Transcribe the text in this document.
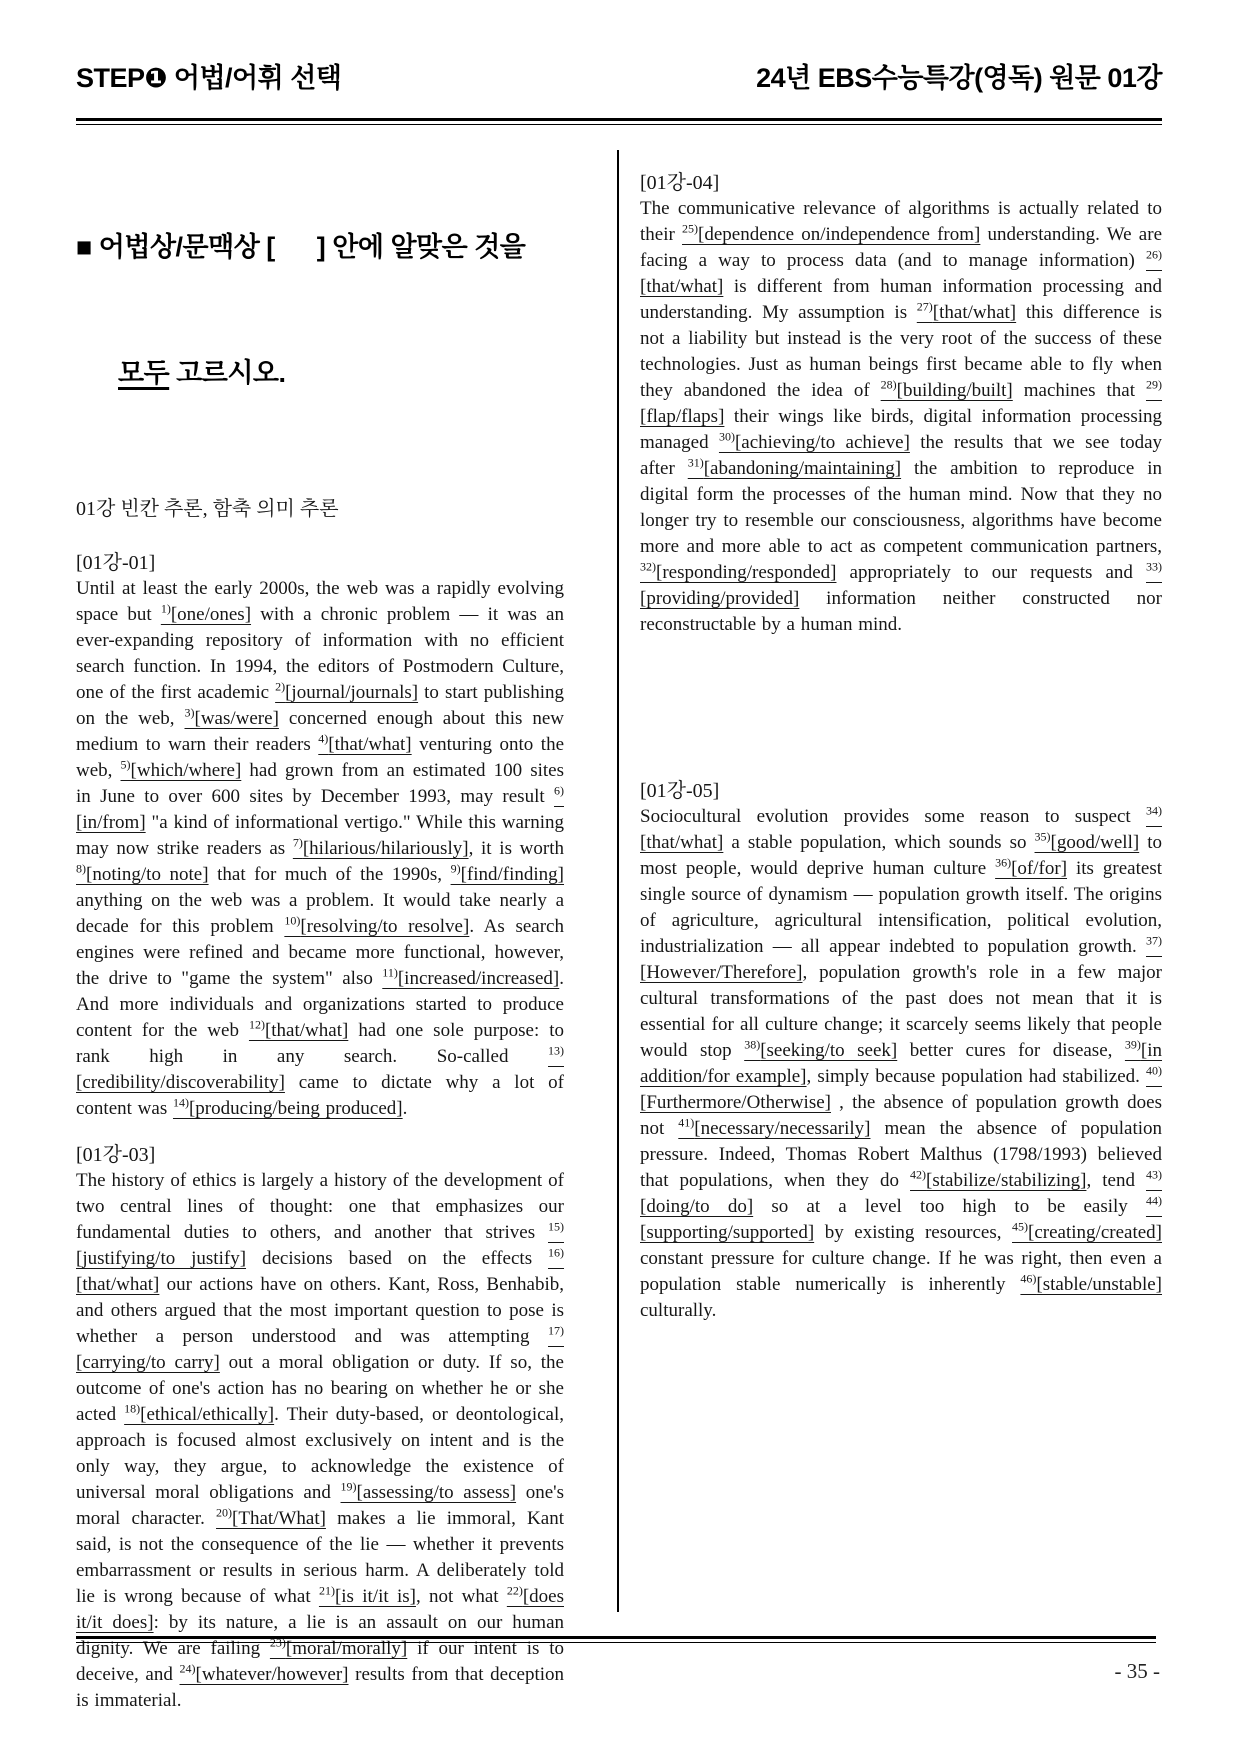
STEP❶ 어법/어휘 선택	24년 EBS수능특강(영독) 원문 01강

■ 어법상/문맥상 [      ] 안에 알맞은 것을

모두 고르시오.

01강 빈칸 추론, 함축 의미 추론
[01강-01]

Until at least the early 2000s, the web was a rapidly evolving space but $^{1)}$[one/ones] with a chronic problem — it was an ever-expanding repository of information with no efficient search function. In 1994, the editors of Postmodern Culture, one of the first academic $^{2)}$[journal/journals] to start publishing on the web, $^{3)}$[was/were] concerned enough about this new medium to warn their readers $^{4)}$[that/what] venturing onto the web, $^{5)}$[which/where] had grown from an estimated 100 sites in June to over 600 sites by December 1993, may result $^{6)}$[in/from] "a kind of informational vertigo." While this warning may now strike readers as $^{7)}$[hilarious/hilariously], it is worth $^{8)}$[noting/to note] that for much of the 1990s, $^{9)}$[find/finding] anything on the web was a problem. It would take nearly a decade for this problem $^{10)}$[resolving/to resolve]. As search engines were refined and became more functional, however, the drive to "game the system" also $^{11)}$[increased/increased]. And more individuals and organizations started to produce content for the web $^{12)}$[that/what] had one sole purpose: to rank high in any search. So-called $^{13)}$[credibility/discoverability] came to dictate why a lot of content was $^{14)}$[producing/being produced].

[01강-03]

The history of ethics is largely a history of the development of two central lines of thought: one that emphasizes our fundamental duties to others, and another that strives $^{15)}$[justifying/to justify] decisions based on the effects $^{16)}$[that/what] our actions have on others. Kant, Ross, Benhabib, and others argued that the most important question to pose is whether a person understood and was attempting $^{17)}$[carrying/to carry] out a moral obligation or duty. If so, the outcome of one's action has no bearing on whether he or she acted $^{18)}$[ethical/ethically]. Their duty-based, or deontological, approach is focused almost exclusively on intent and is the only way, they argue, to acknowledge the existence of universal moral obligations and $^{19)}$[assessing/to assess] one's moral character. $^{20)}$[That/What] makes a lie immoral, Kant said, is not the consequence of the lie — whether it prevents embarrassment or results in serious harm. A deliberately told lie is wrong because of what $^{21)}$[is it/it is], not what $^{22)}$[does it/it does]: by its nature, a lie is an assault on our human dignity. We are failing $^{23)}$[moral/morally] if our intent is to deceive, and $^{24)}$[whatever/however] results from that deception is immaterial.

[01강-04]

The communicative relevance of algorithms is actually related to their $^{25)}$[dependence on/independence from] understanding. We are facing a way to process data (and to manage information) $^{26)}$[that/what] is different from human information processing and understanding. My assumption is $^{27)}$[that/what] this difference is not a liability but instead is the very root of the success of these technologies. Just as human beings first became able to fly when they abandoned the idea of $^{28)}$[building/built] machines that $^{29)}$[flap/flaps] their wings like birds, digital information processing managed $^{30)}$[achieving/to achieve] the results that we see today after $^{31)}$[abandoning/maintaining] the ambition to reproduce in digital form the processes of the human mind. Now that they no longer try to resemble our consciousness, algorithms have become more and more able to act as competent communication partners, $^{32)}$[responding/responded] appropriately to our requests and $^{33)}$[providing/provided] information neither constructed nor reconstructable by a human mind.

[01강-05]

Sociocultural evolution provides some reason to suspect $^{34)}$[that/what] a stable population, which sounds so $^{35)}$[good/well] to most people, would deprive human culture $^{36)}$[of/for] its greatest single source of dynamism — population growth itself. The origins of agriculture, agricultural intensification, political evolution, industrialization — all appear indebted to population growth. $^{37)}$[However/Therefore], population growth's role in a few major cultural transformations of the past does not mean that it is essential for all culture change; it scarcely seems likely that people would stop $^{38)}$[seeking/to seek] better cures for disease, $^{39)}$[in addition/for example], simply because population had stabilized. $^{40)}$[Furthermore/Otherwise] , the absence of population growth does not $^{41)}$[necessary/necessarily] mean the absence of population pressure. Indeed, Thomas Robert Malthus (1798/1993) believed that populations, when they do $^{42)}$[stabilize/stabilizing], tend $^{43)}$[doing/to do] so at a level too high to be easily $^{44)}$[supporting/supported] by existing resources, $^{45)}$[creating/created] constant pressure for culture change. If he was right, then even a population stable numerically is inherently $^{46)}$[stable/unstable] culturally.

- 35 -
